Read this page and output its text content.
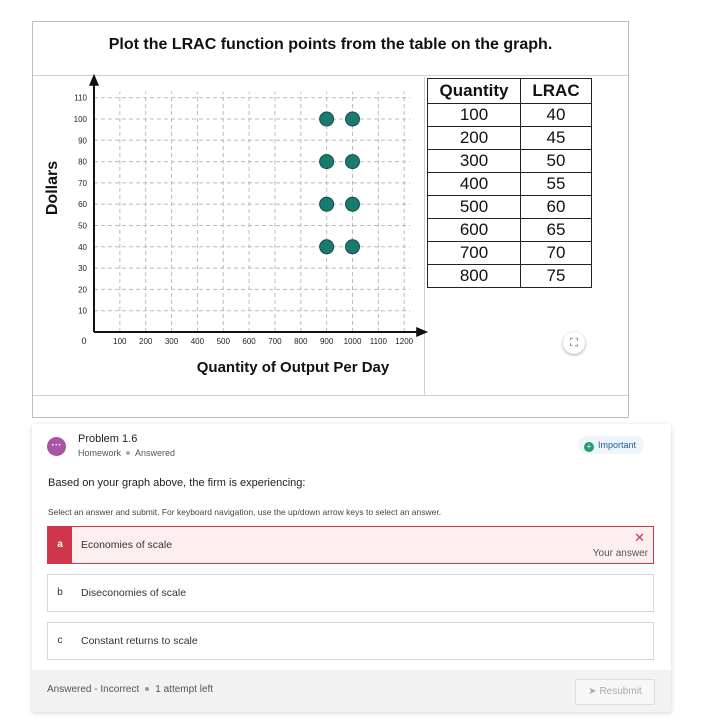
Plot the LRAC function points from the table on the graph.
0	100 200 300 400 500 600 700 800 900 1000 1100 1200
10
20
30
40
50
60
70
80
90
100
110
Dollars
Quantity of Output Per Day
Quantity	LRAC
100	40
200	45
300	50
400	55
500	60
600	65
700	70
800	75
⛶
···
Problem 1.6
Homework Answered
+ Important
Based on your graph above, the firm is experiencing:
Select an answer and submit. For keyboard navigation, use the up/down arrow keys to select an answer.
a	Economies of scale	✕
Your answer
b	Diseconomies of scale
c	Constant returns to scale
Answered - Incorrect 1 attempt left	➤ Resubmit
